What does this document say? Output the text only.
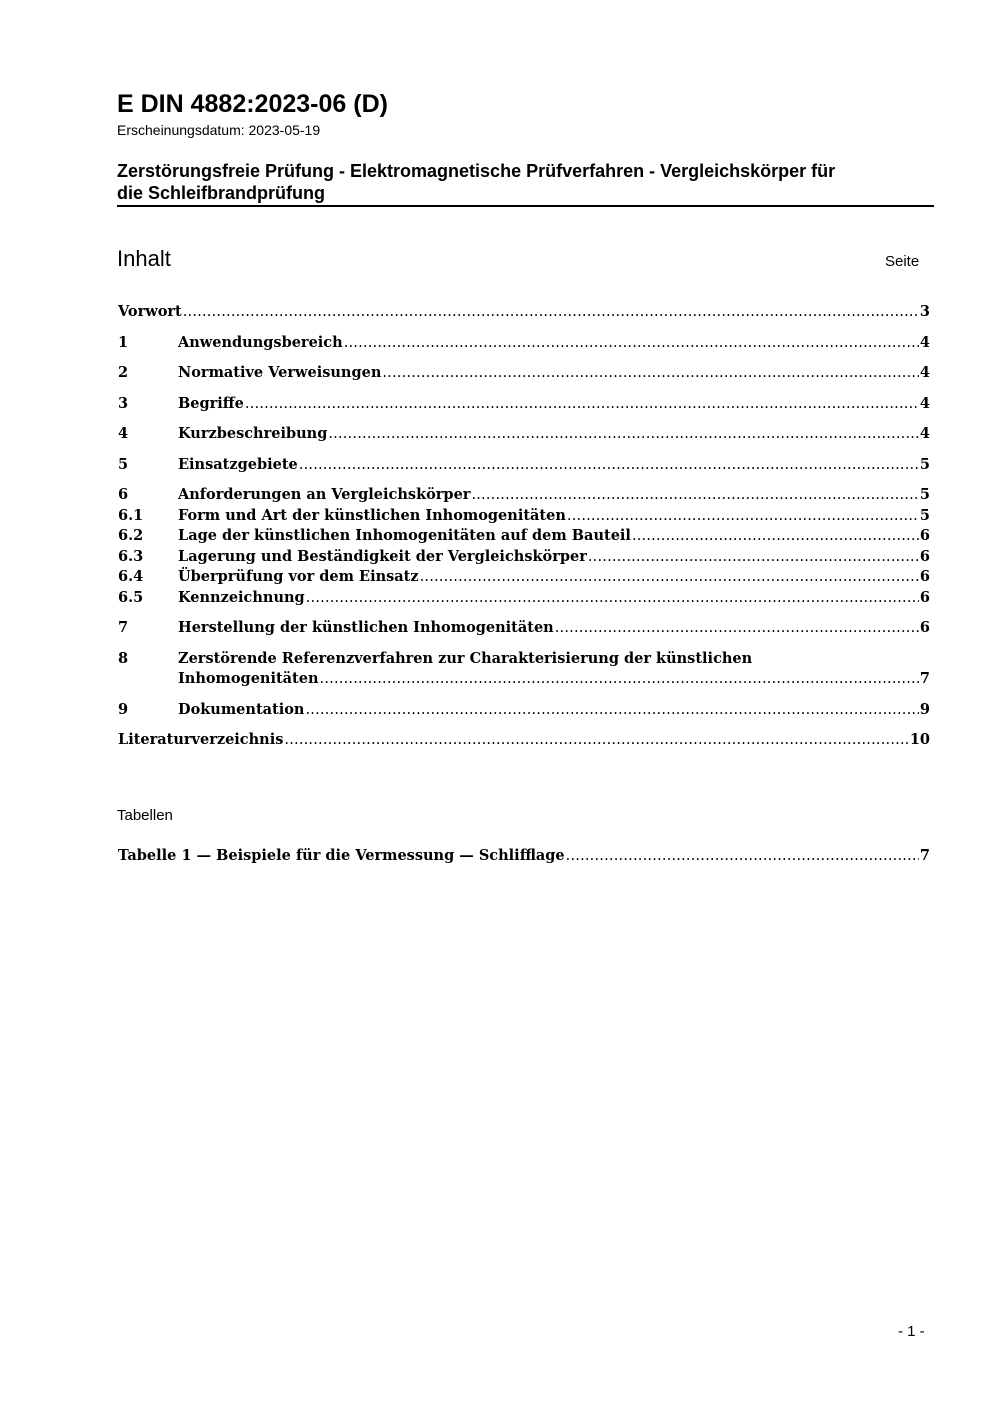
E DIN 4882:2023-06 (D)
Erscheinungsdatum: 2023-05-19
Zerstörungsfreie Prüfung - Elektromagnetische Prüfverfahren - Vergleichskörper für
die Schleifbrandprüfung
Inhalt	Seite
Vorwort .....	3
1	Anwendungsbereich .....	4
2	Normative Verweisungen .....	4
3	Begriffe .....	4
4	Kurzbeschreibung .....	4
5	Einsatzgebiete .....	5
6	Anforderungen an Vergleichskörper .....	5
6.1 Form und Art der künstlichen Inhomogenitäten .....	5
6.2 Lage der künstlichen Inhomogenitäten auf dem Bauteil .....	6
6.3 Lagerung und Beständigkeit der Vergleichskörper .....	6
6.4 Überprüfung vor dem Einsatz .....	6
6.5 Kennzeichnung .....	6
7	Herstellung der künstlichen Inhomogenitäten .....	6
8	Zerstörende Referenzverfahren zur Charakterisierung der künstlichen
Inhomogenitäten .....	7
9	Dokumentation .....	9
Literaturverzeichnis .....	10
Tabellen
Tabelle 1 — Beispiele für die Vermessung — Schlifflage .....	7
- 1 -
